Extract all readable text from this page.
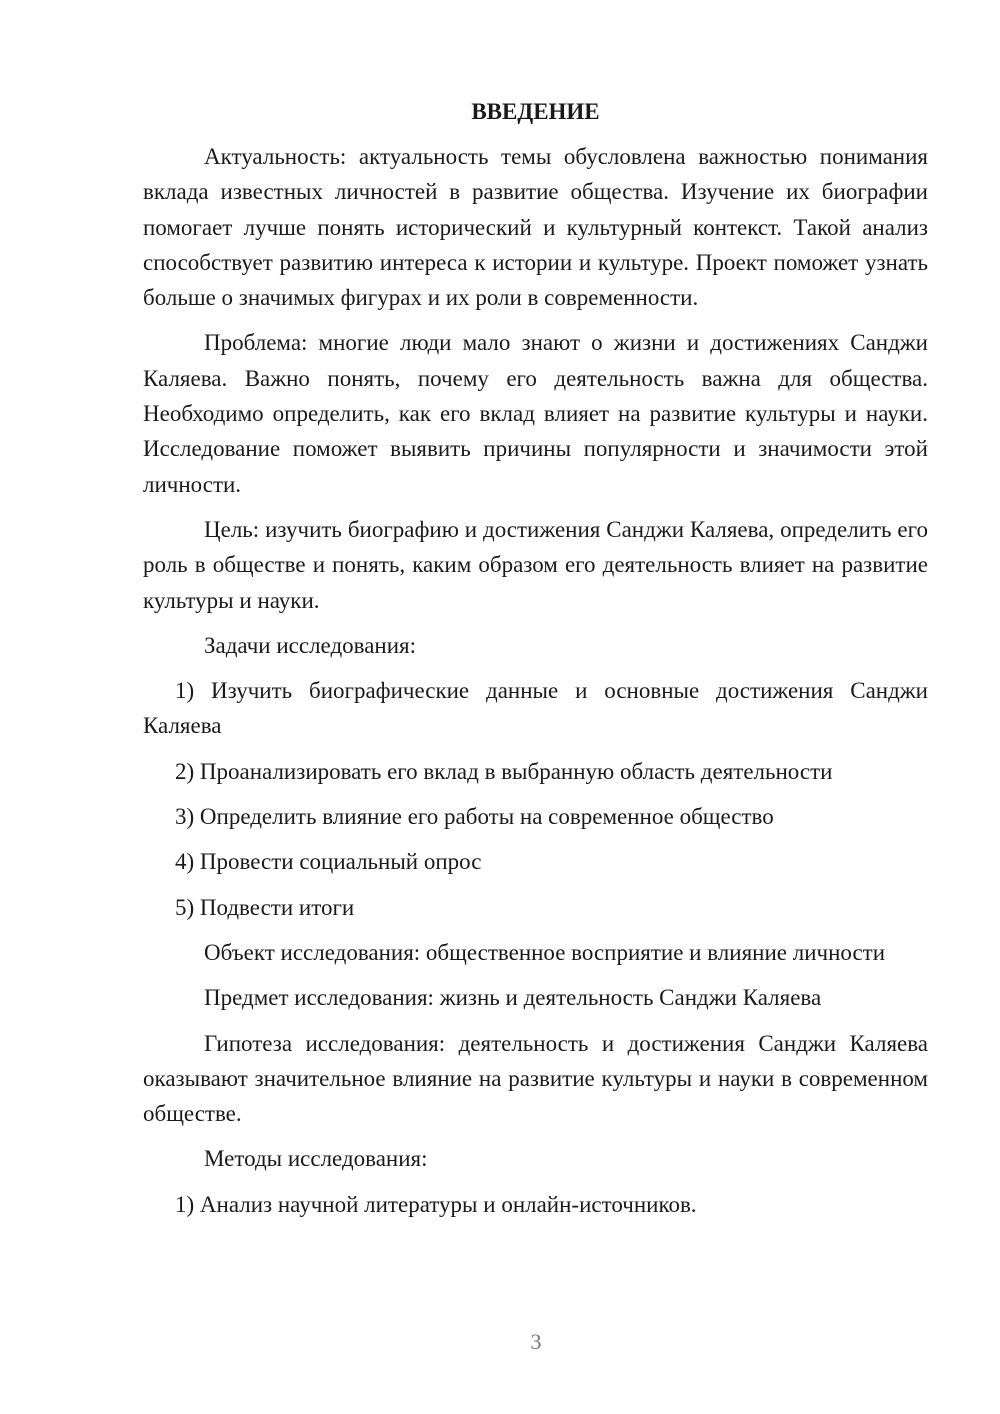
ВВЕДЕНИЕ

Актуальность: актуальность темы обусловлена важностью понимания вклада известных личностей в развитие общества. Изучение их биографии помогает лучше понять исторический и культурный контекст. Такой анализ способствует развитию интереса к истории и культуре. Проект поможет узнать больше о значимых фигурах и их роли в современности.

Проблема: многие люди мало знают о жизни и достижениях Санджи Каляева. Важно понять, почему его деятельность важна для общества. Необходимо определить, как его вклад влияет на развитие культуры и науки. Исследование поможет выявить причины популярности и значимости этой личности.

Цель: изучить биографию и достижения Санджи Каляева, определить его роль в обществе и понять, каким образом его деятельность влияет на развитие культуры и науки.

Задачи исследования:

1) Изучить биографические данные и основные достижения Санджи Каляева

2) Проанализировать его вклад в выбранную область деятельности

3) Определить влияние его работы на современное общество

4) Провести социальный опрос

5) Подвести итоги

Объект исследования: общественное восприятие и влияние личности

Предмет исследования: жизнь и деятельность Санджи Каляева

Гипотеза исследования: деятельность и достижения Санджи Каляева оказывают значительное влияние на развитие культуры и науки в современном обществе.

Методы исследования:

1) Анализ научной литературы и онлайн-источников.

3
